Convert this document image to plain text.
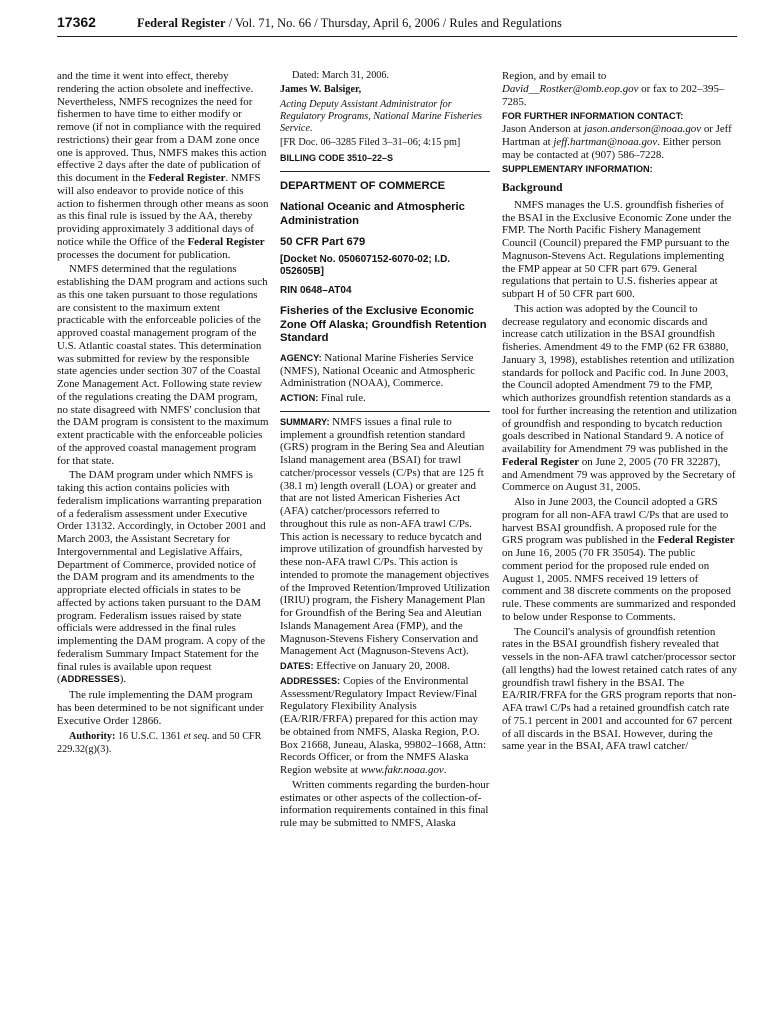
17362	Federal Register / Vol. 71, No. 66 / Thursday, April 6, 2006 / Rules and Regulations

and the time it went into effect, thereby rendering the action obsolete and ineffective. Nevertheless, NMFS recognizes the need for fishermen to have time to either modify or remove (if not in compliance with the required restrictions) their gear from a DAM zone once one is approved. Thus, NMFS makes this action effective 2 days after the date of publication of this document in the Federal Register. NMFS will also endeavor to provide notice of this action to fishermen through other means as soon as this final rule is issued by the AA, thereby providing approximately 3 additional days of notice while the Office of the Federal Register processes the document for publication.

NMFS determined that the regulations establishing the DAM program and actions such as this one taken pursuant to those regulations are consistent to the maximum extent practicable with the enforceable policies of the approved coastal management program of the U.S. Atlantic coastal states. This determination was submitted for review by the responsible state agencies under section 307 of the Coastal Zone Management Act. Following state review of the regulations creating the DAM program, no state disagreed with NMFS' conclusion that the DAM program is consistent to the maximum extent practicable with the enforceable policies of the approved coastal management program for that state.

The DAM program under which NMFS is taking this action contains policies with federalism implications warranting preparation of a federalism assessment under Executive Order 13132. Accordingly, in October 2001 and March 2003, the Assistant Secretary for Intergovernmental and Legislative Affairs, Department of Commerce, provided notice of the DAM program and its amendments to the appropriate elected officials in states to be affected by actions taken pursuant to the DAM program. Federalism issues raised by state officials were addressed in the final rules implementing the DAM program. A copy of the federalism Summary Impact Statement for the final rules is available upon request (ADDRESSES).

The rule implementing the DAM program has been determined to be not significant under Executive Order 12866.

Authority: 16 U.S.C. 1361 et seq. and 50 CFR 229.32(g)(3).

Dated: March 31, 2006.

James W. Balsiger,

Acting Deputy Assistant Administrator for Regulatory Programs, National Marine Fisheries Service.

[FR Doc. 06–3285 Filed 3–31–06; 4:15 pm]

BILLING CODE 3510–22–S

DEPARTMENT OF COMMERCE
National Oceanic and Atmospheric Administration
50 CFR Part 679
[Docket No. 050607152-6070-02; I.D. 052605B]
RIN 0648–AT04
Fisheries of the Exclusive Economic Zone Off Alaska; Groundfish Retention Standard

AGENCY: National Marine Fisheries Service (NMFS), National Oceanic and Atmospheric Administration (NOAA), Commerce.

ACTION: Final rule.

SUMMARY: NMFS issues a final rule to implement a groundfish retention standard (GRS) program in the Bering Sea and Aleutian Island management area (BSAI) for trawl catcher/processor vessels (C/Ps) that are 125 ft (38.1 m) length overall (LOA) or greater and that are not listed American Fisheries Act (AFA) catcher/processors referred to throughout this rule as non-AFA trawl C/Ps. This action is necessary to reduce bycatch and improve utilization of groundfish harvested by these non-AFA trawl C/Ps. This action is intended to promote the management objectives of the Improved Retention/Improved Utilization (IRIU) program, the Fishery Management Plan for Groundfish of the Bering Sea and Aleutian Islands Management Area (FMP), and the Magnuson-Stevens Fishery Conservation and Management Act (Magnuson-Stevens Act).

DATES: Effective on January 20, 2008.

ADDRESSES: Copies of the Environmental Assessment/Regulatory Impact Review/Final Regulatory Flexibility Analysis (EA/RIR/FRFA) prepared for this action may be obtained from NMFS, Alaska Region, P.O. Box 21668, Juneau, Alaska, 99802–1668, Attn: Records Officer, or from the NMFS Alaska Region website at www.fakr.noaa.gov.

Written comments regarding the burden-hour estimates or other aspects of the collection-of-information requirements contained in this final rule may be submitted to NMFS, Alaska

Region, and by email to David__Rostker@omb.eop.gov or fax to 202–395–7285.

FOR FURTHER INFORMATION CONTACT:
Jason Anderson at jason.anderson@noaa.gov or Jeff Hartman at jeff.hartman@noaa.gov. Either person may be contacted at (907) 586–7228.

SUPPLEMENTARY INFORMATION:

Background

NMFS manages the U.S. groundfish fisheries of the BSAI in the Exclusive Economic Zone under the FMP. The North Pacific Fishery Management Council (Council) prepared the FMP pursuant to the Magnuson-Stevens Act. Regulations implementing the FMP appear at 50 CFR part 679. General regulations that pertain to U.S. fisheries appear at subpart H of 50 CFR part 600.

This action was adopted by the Council to decrease regulatory and economic discards and increase catch utilization in the BSAI groundfish fisheries. Amendment 49 to the FMP (62 FR 63880, January 3, 1998), establishes retention and utilization standards for pollock and Pacific cod. In June 2003, the Council adopted Amendment 79 to the FMP, which authorizes groundfish retention standards as a tool for further increasing the retention and utilization of groundfish and responding to bycatch reduction goals described in National Standard 9. A notice of availability for Amendment 79 was published in the Federal Register on June 2, 2005 (70 FR 32287), and Amendment 79 was approved by the Secretary of Commerce on August 31, 2005.

Also in June 2003, the Council adopted a GRS program for all non-AFA trawl C/Ps that are used to harvest BSAI groundfish. A proposed rule for the GRS program was published in the Federal Register on June 16, 2005 (70 FR 35054). The public comment period for the proposed rule ended on August 1, 2005. NMFS received 19 letters of comment and 38 discrete comments on the proposed rule. These comments are summarized and responded to below under Response to Comments.

The Council's analysis of groundfish retention rates in the BSAI groundfish fishery revealed that vessels in the non-AFA trawl catcher/processor sector (all lengths) had the lowest retained catch rates of any groundfish trawl fishery in the BSAI. The EA/RIR/FRFA for the GRS program reports that non-AFA trawl C/Ps had a retained groundfish catch rate of 75.1 percent in 2001 and accounted for 67 percent of all discards in the BSAI. However, during the same year in the BSAI, AFA trawl catcher/
